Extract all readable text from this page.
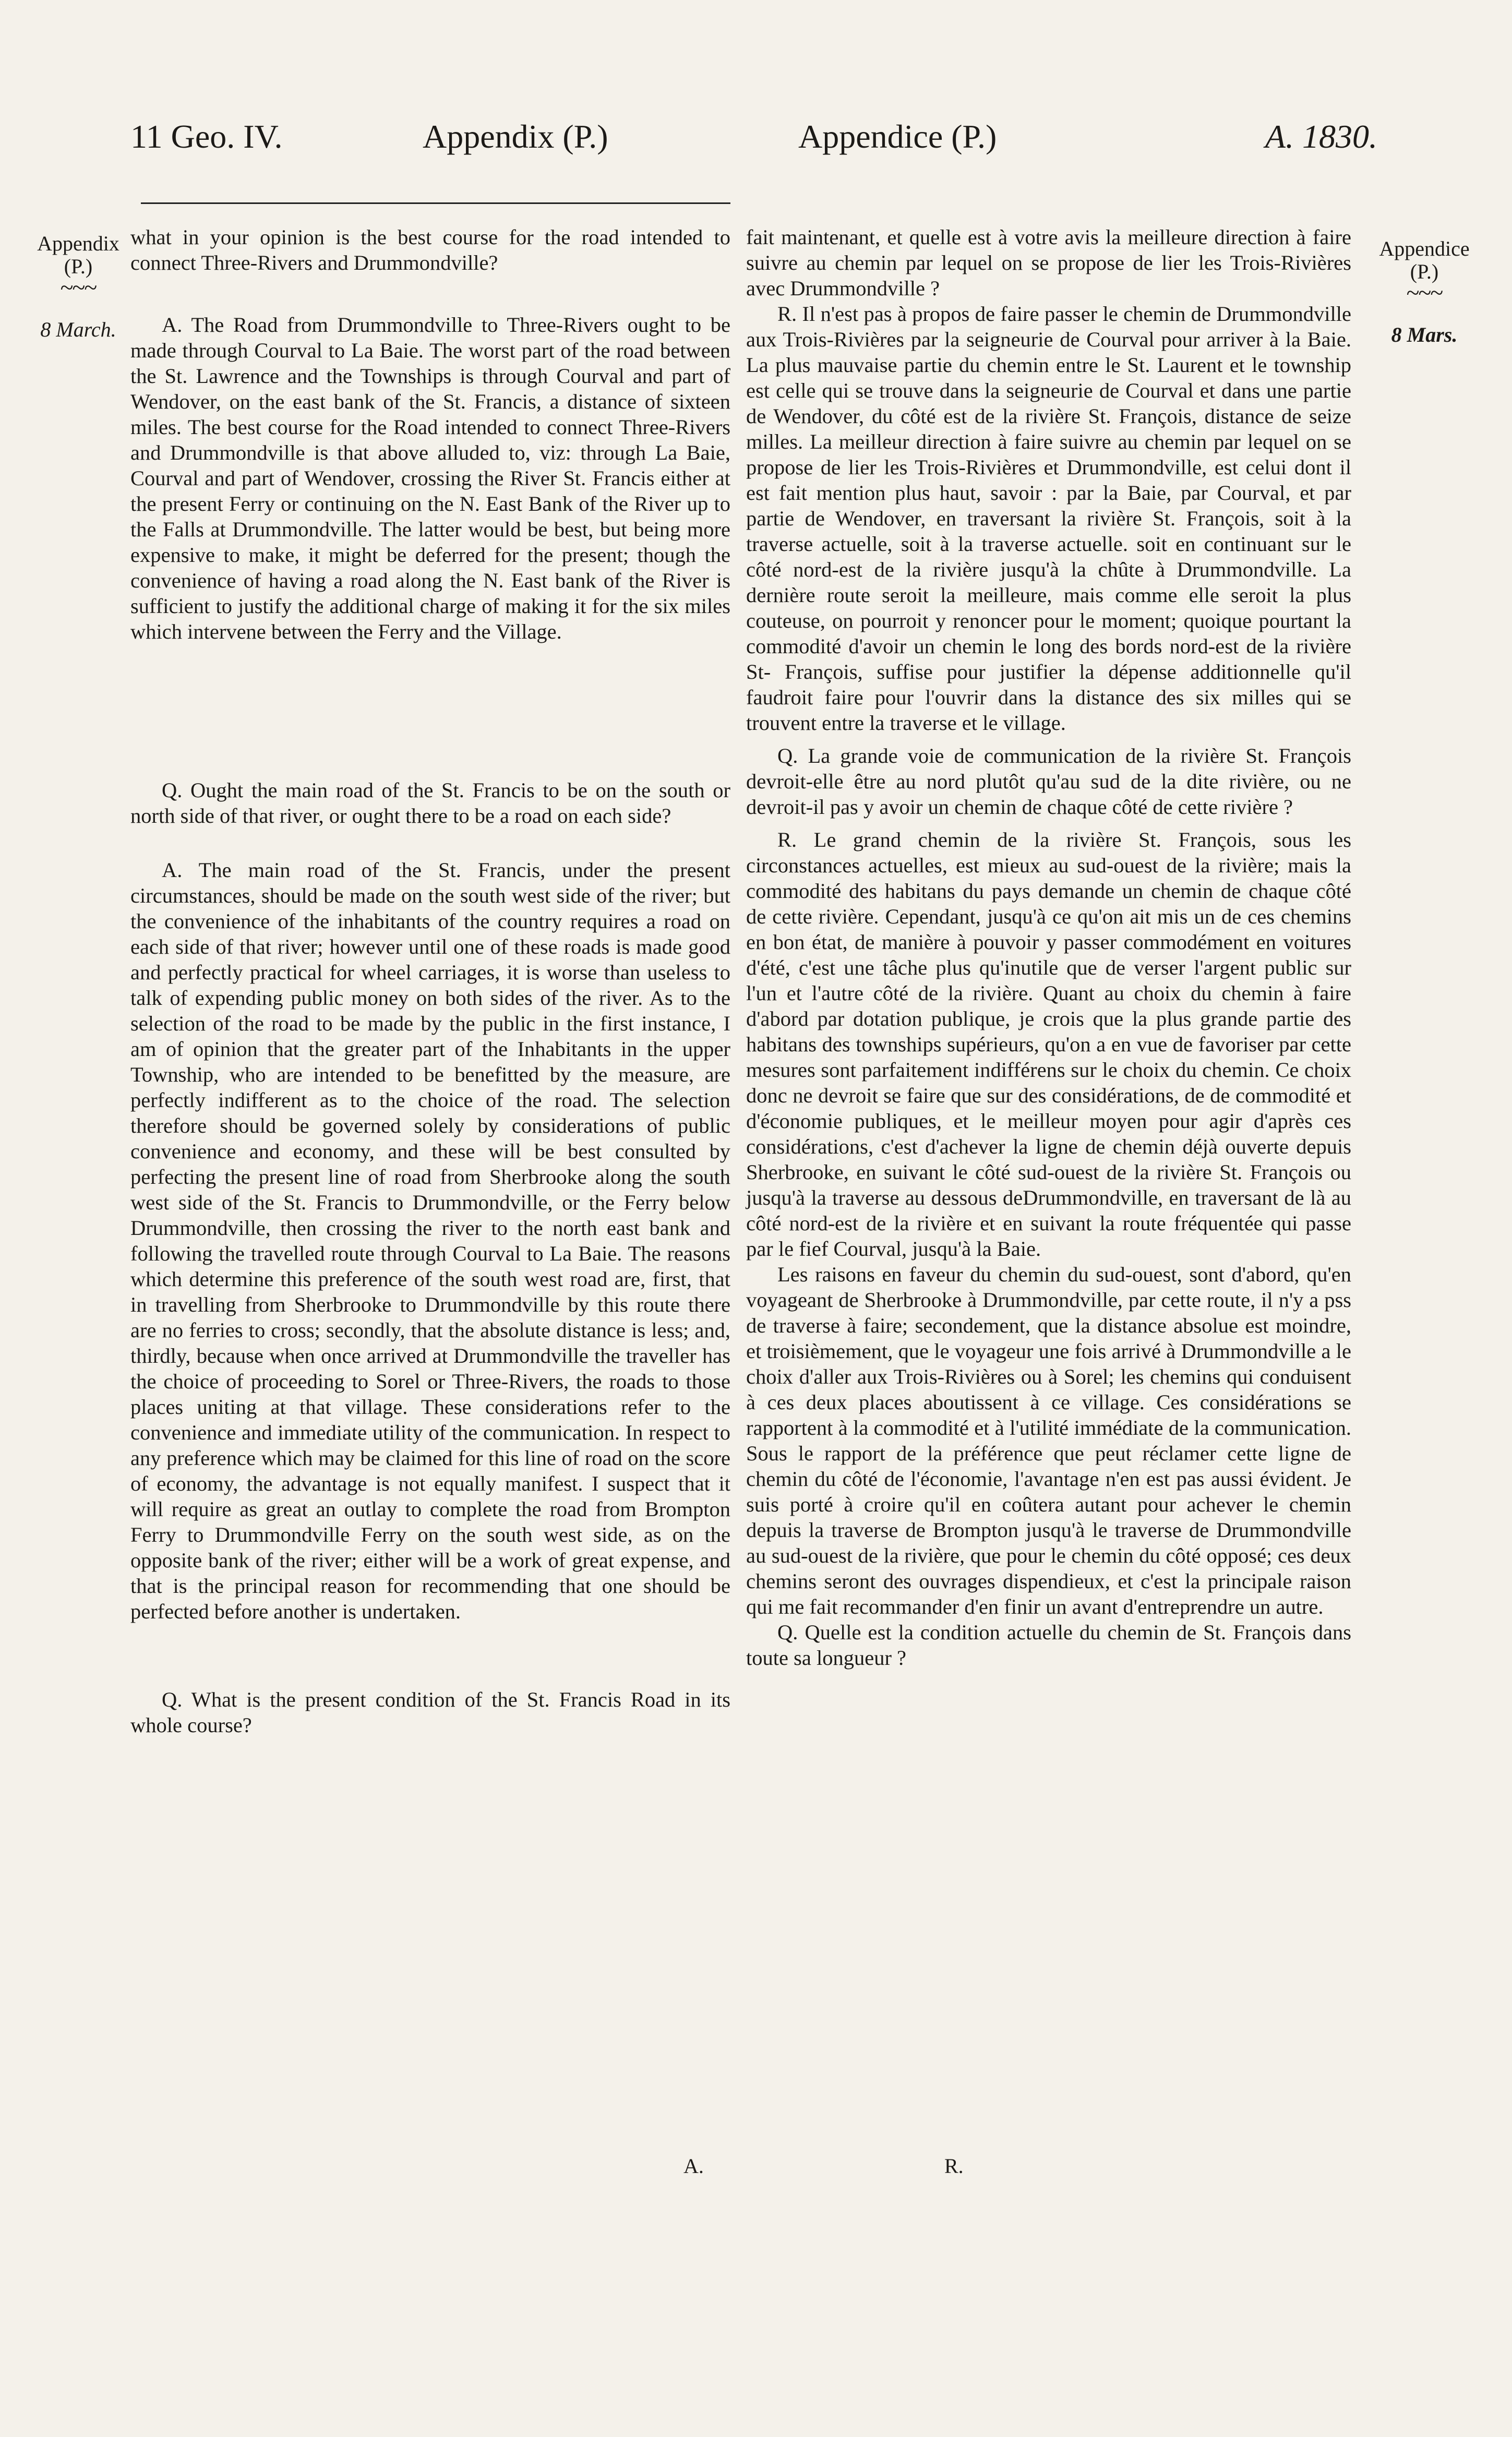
11 Geo. IV.	Appendix (P.)	Appendice (P.)	A. 1830.
Appendix
(P.)
~~~
8 March.
Appendice
(P.)
~~~
8 Mars.

what in your opinion is the best course for the road intended to connect Three-Rivers and Drummondville?

A. The Road from Drummondville to Three-Rivers ought to be made through Courval to La Baie. The worst part of the road between the St. Lawrence and the Townships is through Courval and part of Wendover, on the east bank of the St. Francis, a distance of sixteen miles. The best course for the Road intended to connect Three-Rivers and Drummondville is that above alluded to, viz: through La Baie, Courval and part of Wendover, crossing the River St. Francis either at the present Ferry or continuing on the N. East Bank of the River up to the Falls at Drummondville. The latter would be best, but being more expensive to make, it might be deferred for the present; though the convenience of having a road along the N. East bank of the River is sufficient to justify the additional charge of making it for the six miles which intervene between the Ferry and the Village.

Q. Ought the main road of the St. Francis to be on the south or north side of that river, or ought there to be a road on each side?

A. The main road of the St. Francis, under the present circumstances, should be made on the south west side of the river; but the convenience of the inhabitants of the country requires a road on each side of that river; however until one of these roads is made good and perfectly practical for wheel carriages, it is worse than useless to talk of expending public money on both sides of the river. As to the selection of the road to be made by the public in the first instance, I am of opinion that the greater part of the Inhabitants in the upper Township, who are intended to be benefitted by the measure, are perfectly indifferent as to the choice of the road. The selection therefore should be governed solely by considerations of public convenience and economy, and these will be best consulted by perfecting the present line of road from Sherbrooke along the south west side of the St. Francis to Drummondville, or the Ferry below Drummondville, then crossing the river to the north east bank and following the travelled route through Courval to La Baie. The reasons which determine this preference of the south west road are, first, that in travelling from Sherbrooke to Drummondville by this route there are no ferries to cross; secondly, that the absolute distance is less; and, thirdly, because when once arrived at Drummondville the traveller has the choice of proceeding to Sorel or Three-Rivers, the roads to those places uniting at that village. These considerations refer to the convenience and immediate utility of the communication. In respect to any preference which may be claimed for this line of road on the score of economy, the advantage is not equally manifest. I suspect that it will require as great an outlay to complete the road from Brompton Ferry to Drummondville Ferry on the south west side, as on the opposite bank of the river; either will be a work of great expense, and that is the principal reason for recommending that one should be perfected before another is undertaken.

Q. What is the present condition of the St. Francis Road in its whole course?

A.

fait maintenant, et quelle est à votre avis la meilleure direction à faire suivre au chemin par lequel on se propose de lier les Trois-Rivières avec Drummondville ?

R. Il n'est pas à propos de faire passer le chemin de Drummondville aux Trois-Rivières par la seigneurie de Courval pour arriver à la Baie. La plus mauvaise partie du chemin entre le St. Laurent et le township est celle qui se trouve dans la seigneurie de Courval et dans une partie de Wendover, du côté est de la rivière St. François, distance de seize milles. La meilleur direction à faire suivre au chemin par lequel on se propose de lier les Trois-Rivières et Drummondville, est celui dont il est fait mention plus haut, savoir : par la Baie, par Courval, et par partie de Wendover, en traversant la rivière St. François, soit à la traverse actuelle, soit à la traverse actuelle. soit en continuant sur le côté nord-est de la rivière jusqu'à la chûte à Drummondville. La dernière route seroit la meilleure, mais comme elle seroit la plus couteuse, on pourroit y renoncer pour le moment; quoique pourtant la commodité d'avoir un chemin le long des bords nord-est de la rivière St- François, suffise pour justifier la dépense additionnelle qu'il faudroit faire pour l'ouvrir dans la distance des six milles qui se trouvent entre la traverse et le village.

Q. La grande voie de communication de la rivière St. François devroit-elle être au nord plutôt qu'au sud de la dite rivière, ou ne devroit-il pas y avoir un chemin de chaque côté de cette rivière ?

R. Le grand chemin de la rivière St. François, sous les circonstances actuelles, est mieux au sud-ouest de la rivière; mais la commodité des habitans du pays demande un chemin de chaque côté de cette rivière. Cependant, jusqu'à ce qu'on ait mis un de ces chemins en bon état, de manière à pouvoir y passer commodément en voitures d'été, c'est une tâche plus qu'inutile que de verser l'argent public sur l'un et l'autre côté de la rivière. Quant au choix du chemin à faire d'abord par dotation publique, je crois que la plus grande partie des habitans des townships supérieurs, qu'on a en vue de favoriser par cette mesures sont parfaitement indifférens sur le choix du chemin. Ce choix donc ne devroit se faire que sur des considérations, de de commodité et d'économie publiques, et le meilleur moyen pour agir d'après ces considérations, c'est d'achever la ligne de chemin déjà ouverte depuis Sherbrooke, en suivant le côté sud-ouest de la rivière St. François ou jusqu'à la traverse au dessous deDrummondville, en traversant de là au côté nord-est de la rivière et en suivant la route fréquentée qui passe par le fief Courval, jusqu'à la Baie.

Les raisons en faveur du chemin du sud-ouest, sont d'abord, qu'en voyageant de Sherbrooke à Drummondville, par cette route, il n'y a pss de traverse à faire; secondement, que la distance absolue est moindre, et troisièmement, que le voyageur une fois arrivé à Drummondville a le choix d'aller aux Trois-Rivières ou à Sorel; les chemins qui conduisent à ces deux places aboutissent à ce village. Ces considérations se rapportent à la commodité et à l'utilité immédiate de la communication. Sous le rapport de la préférence que peut réclamer cette ligne de chemin du côté de l'économie, l'avantage n'en est pas aussi évident. Je suis porté à croire qu'il en coûtera autant pour achever le chemin depuis la traverse de Brompton jusqu'à le traverse de Drummondville au sud-ouest de la rivière, que pour le chemin du côté opposé; ces deux chemins seront des ouvrages dispendieux, et c'est la principale raison qui me fait recommander d'en finir un avant d'entreprendre un autre.

Q. Quelle est la condition actuelle du chemin de St. François dans toute sa longueur ?

R.
